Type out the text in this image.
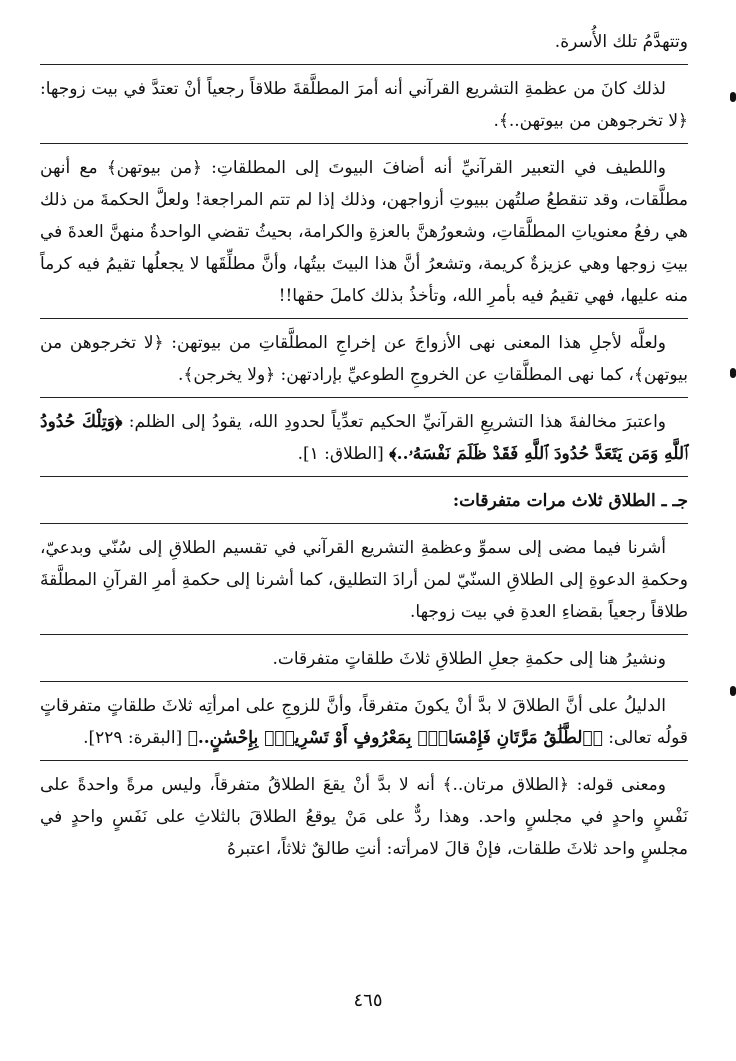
وتتهدَّمُ تلك الأُسرة.

لذلك كانَ من عظمةِ التشريع القرآني أنه أمرَ المطلَّقةَ طلاقاً رجعياً أنْ تعتدَّ في بيت زوجها: ﴿لا تخرجوهن من بيوتهن..﴾.

واللطيف في التعبير القرآنيِّ أنه أضافَ البيوتَ إلى المطلقاتِ: ﴿من بيوتهن﴾ مع أنهن مطلَّقات، وقد تنقطعُ صلتُهن ببيوتِ أزواجهن، وذلك إذا لم تتم المراجعة! ولعلَّ الحكمةَ من ذلك هي رفعُ معنوياتِ المطلَّقاتِ، وشعورُهنَّ بالعزةِ والكرامة، بحيثُ تقضي الواحدةُ منهنَّ العدةَ في بيتِ زوجها وهي عزيزةٌ كريمة، وتشعرُ أنَّ هذا البيتَ بيتُها، وأنَّ مطلِّقَها لا يجعلُها تقيمُ فيه كرماً منه عليها، فهي تقيمُ فيه بأمرِ الله، وتأخذُ بذلك كاملَ حقها!!

ولعلَّه لأجلِ هذا المعنى نهى الأزواجَ عن إخراجِ المطلَّقاتِ من بيوتهن: ﴿لا تخرجوهن من بيوتهن﴾، كما نهى المطلَّقاتِ عن الخروجِ الطوعيِّ بإرادتهن: ﴿ولا يخرجن﴾.

واعتبرَ مخالفةَ هذا التشريعِ القرآنيِّ الحكيم تعدِّياً لحدودِ الله، يقودُ إلى الظلم: ﴿وَتِلْكَ حُدُودُ ٱللَّهِ وَمَن يَتَعَدَّ حُدُودَ ٱللَّهِ فَقَدْ ظَلَمَ نَفْسَهُۥ..﴾ [الطلاق: ١].

جـ ـ الطلاق ثلاث مرات متفرقات:

أشرنا فيما مضى إلى سموِّ وعظمةِ التشريع القرآني في تقسيم الطلاقِ إلى سُنّي وبدعيّ، وحكمةِ الدعوةِ إلى الطلاقِ السنّيّ لمن أرادَ التطليق، كما أشرنا إلى حكمةِ أمرِ القرآنِ المطلَّقةَ طلاقاً رجعياً بقضاءِ العدةِ في بيت زوجها.

ونشيرُ هنا إلى حكمةِ جعلِ الطلاقِ ثلاثَ طلقاتٍ متفرقات.

الدليلُ على أنَّ الطلاقَ لا بدَّ أنْ يكونَ متفرقاً، وأنَّ للزوجِ على امرأتِه ثلاثَ طلقاتٍ متفرقاتٍ قولُه تعالى: ﴿ٱلطَّلَٰقُ مَرَّتَانِ فَإِمْسَاكٌۢ بِمَعْرُوفٍ أَوْ تَسْرِيحٌۢ بِإِحْسَٰنٍ..﴾ [البقرة: ٢٢٩].

ومعنى قوله: ﴿الطلاق مرتان..﴾ أنه لا بدَّ أنْ يقعَ الطلاقُ متفرقاً، وليس مرةً واحدةً على نَفْسٍ واحدٍ في مجلسٍ واحد. وهذا ردٌّ على مَنْ يوقعُ الطلاقَ بالثلاثِ على نَفَسٍ واحدٍ في مجلسٍ واحد ثلاثَ طلقات، فإنْ قالَ لامرأته: أنتِ طالقٌ ثلاثاً، اعتبرهُ

٤٦٥
